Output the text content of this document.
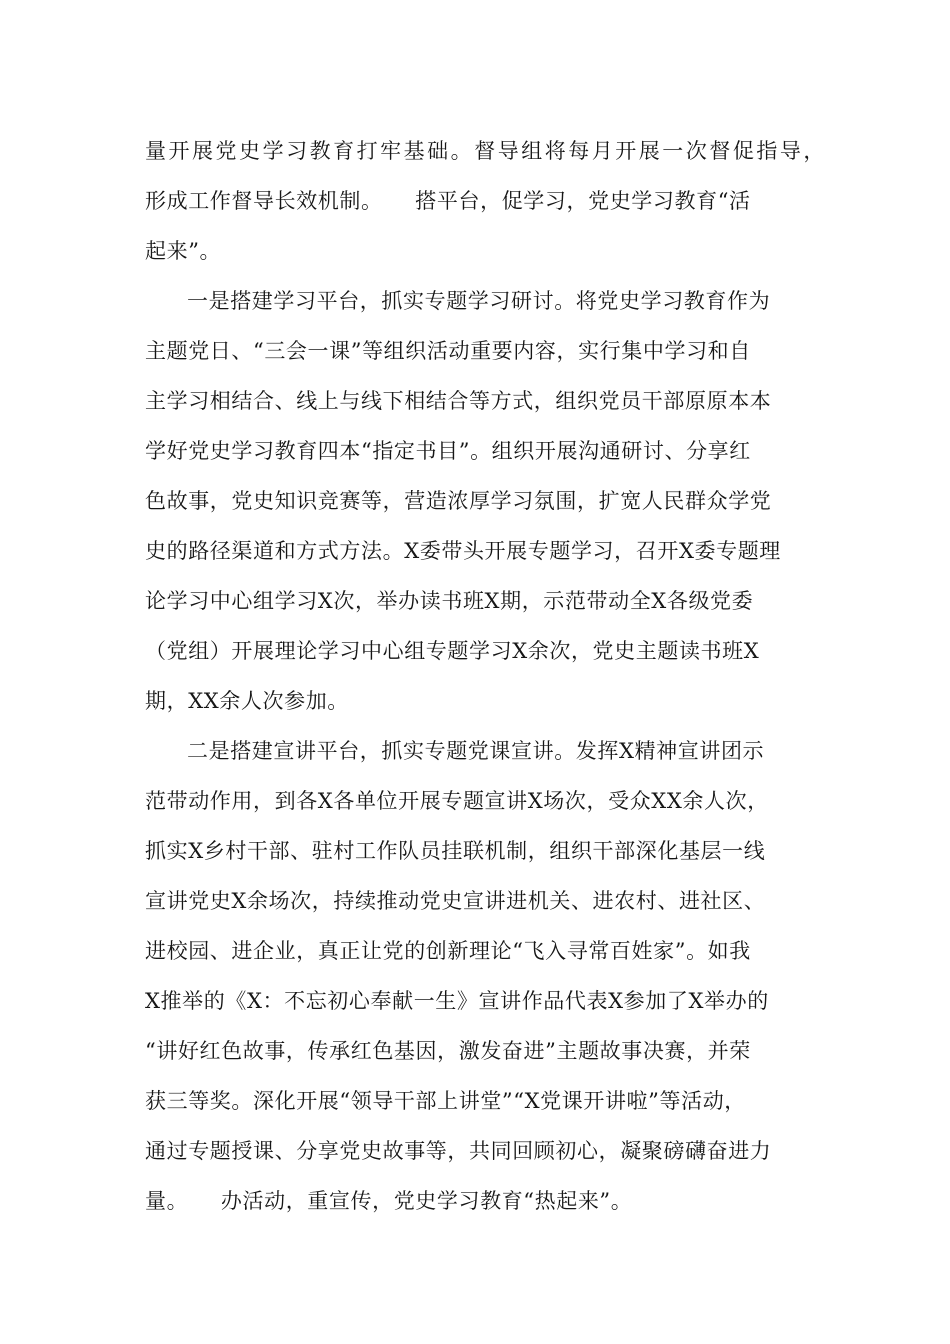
量开展党史学习教育打牢基础。督导组将每月开展一次督促指导，
形成工作督导长效机制。　　搭平台，促学习，党史学习教育“活
起来”。
一是搭建学习平台，抓实专题学习研讨。将党史学习教育作为
主题党日、“三会一课”等组织活动重要内容，实行集中学习和自
主学习相结合、线上与线下相结合等方式，组织党员干部原原本本
学好党史学习教育四本“指定书目”。组织开展沟通研讨、分享红
色故事，党史知识竞赛等，营造浓厚学习氛围，扩宽人民群众学党
史的路径渠道和方式方法。X委带头开展专题学习，召开X委专题理
论学习中心组学习X次，举办读书班X期，示范带动全X各级党委
（党组）开展理论学习中心组专题学习X余次，党史主题读书班X
期，XX余人次参加。
二是搭建宣讲平台，抓实专题党课宣讲。发挥X精神宣讲团示
范带动作用，到各X各单位开展专题宣讲X场次，受众XX余人次，
抓实X乡村干部、驻村工作队员挂联机制，组织干部深化基层一线
宣讲党史X余场次，持续推动党史宣讲进机关、进农村、进社区、
进校园、进企业，真正让党的创新理论“飞入寻常百姓家”。如我
X推举的《X：不忘初心奉献一生》宣讲作品代表X参加了X举办的
“讲好红色故事，传承红色基因，激发奋进”主题故事决赛，并荣
获三等奖。深化开展“领导干部上讲堂”“X党课开讲啦”等活动，
通过专题授课、分享党史故事等，共同回顾初心，凝聚磅礴奋进力
量。　　办活动，重宣传，党史学习教育“热起来”。
